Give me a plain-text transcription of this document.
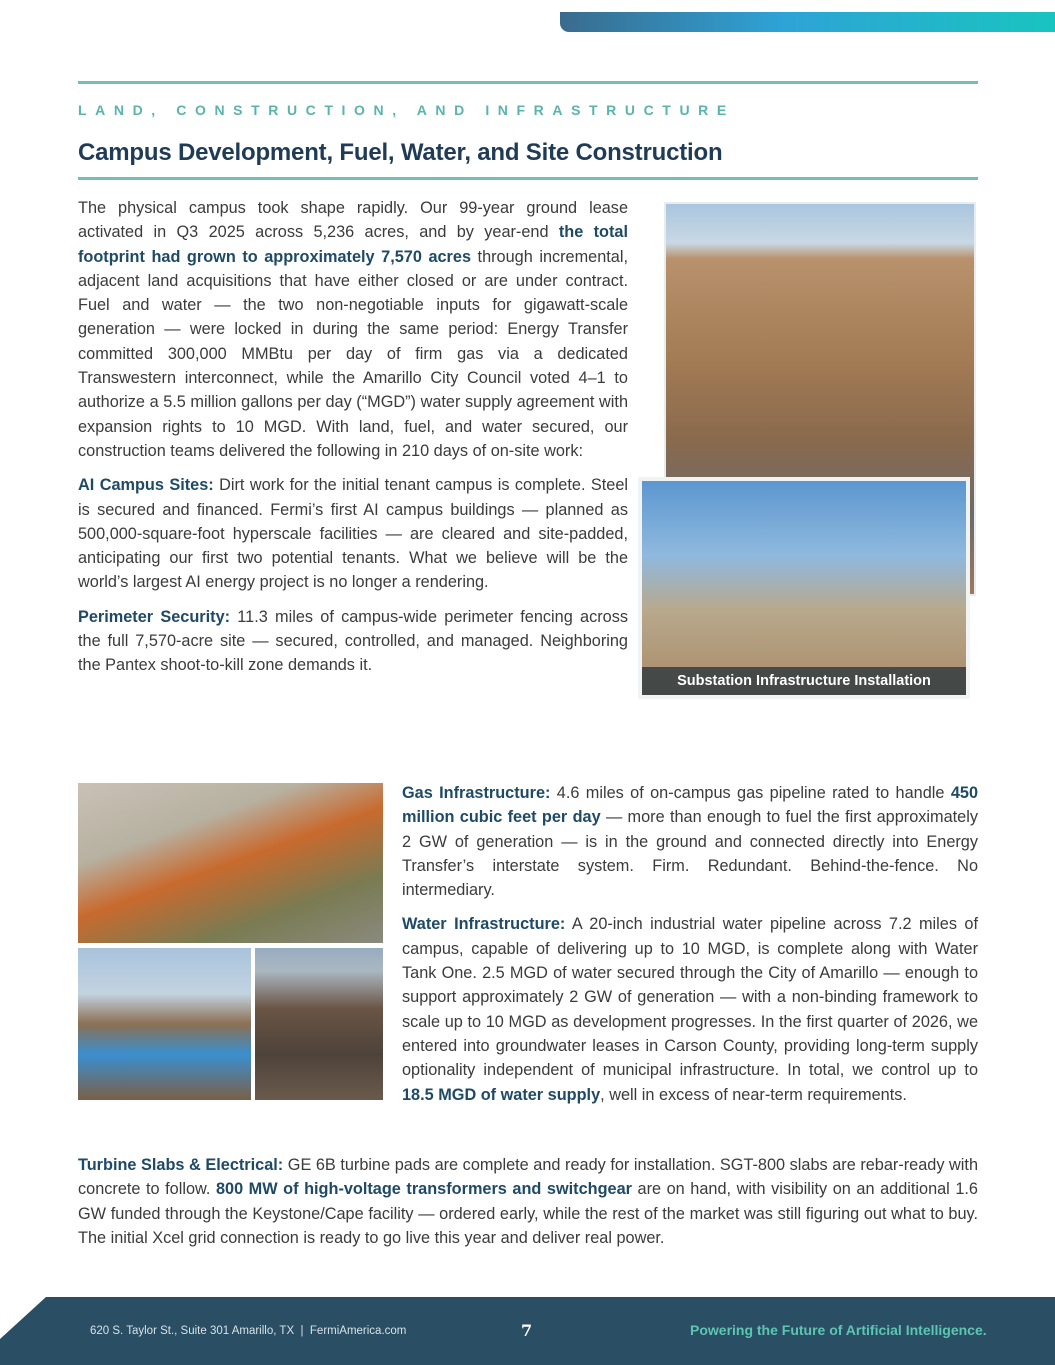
LAND, CONSTRUCTION, AND INFRASTRUCTURE
Campus Development, Fuel, Water, and Site Construction

The physical campus took shape rapidly. Our 99-year ground lease activated in Q3 2025 across 5,236 acres, and by year-end the total footprint had grown to approximately 7,570 acres through incremental, adjacent land acquisitions that have either closed or are under contract. Fuel and water — the two non-negotiable inputs for gigawatt-scale generation — were locked in during the same period: Energy Transfer committed 300,000 MMBtu per day of firm gas via a dedicated Transwestern interconnect, while the Amarillo City Council voted 4–1 to authorize a 5.5 million gallons per day (“MGD”) water supply agreement with expansion rights to 10 MGD. With land, fuel, and water secured, our construction teams delivered the following in 210 days of on-site work:

AI Campus Sites: Dirt work for the initial tenant campus is complete. Steel is secured and financed. Fermi’s first AI campus buildings — planned as 500,000-square-foot hyperscale facilities — are cleared and site-padded, anticipating our first two potential tenants. What we believe will be the world’s largest AI energy project is no longer a rendering.

Perimeter Security: 11.3 miles of campus-wide perimeter fencing across the full 7,570-acre site — secured, controlled, and managed. Neighboring the Pantex shoot-to-kill zone demands it.

Gas Infrastructure: 4.6 miles of on-campus gas pipeline rated to handle 450 million cubic feet per day — more than enough to fuel the first approximately 2 GW of generation — is in the ground and connected directly into Energy Transfer’s interstate system. Firm. Redundant. Behind-the-fence. No intermediary.

Water Infrastructure: A 20-inch industrial water pipeline across 7.2 miles of campus, capable of delivering up to 10 MGD, is complete along with Water Tank One. 2.5 MGD of water secured through the City of Amarillo — enough to support approximately 2 GW of generation — with a non-binding framework to scale up to 10 MGD as development progresses. In the first quarter of 2026, we entered into groundwater leases in Carson County, providing long-term supply optionality independent of municipal infrastructure. In total, we control up to 18.5 MGD of water supply, well in excess of near-term requirements.

Turbine Slabs & Electrical: GE 6B turbine pads are complete and ready for installation. SGT-800 slabs are rebar-ready with concrete to follow. 800 MW of high-voltage transformers and switchgear are on hand, with visibility on an additional 1.6 GW funded through the Keystone/Cape facility — ordered early, while the rest of the market was still figuring out what to buy. The initial Xcel grid connection is ready to go live this year and deliver real power.

Substation Infrastructure Installation
620 S. Taylor St., Suite 301 Amarillo, TX  |  FermiAmerica.com	7	Powering the Future of Artificial Intelligence.
